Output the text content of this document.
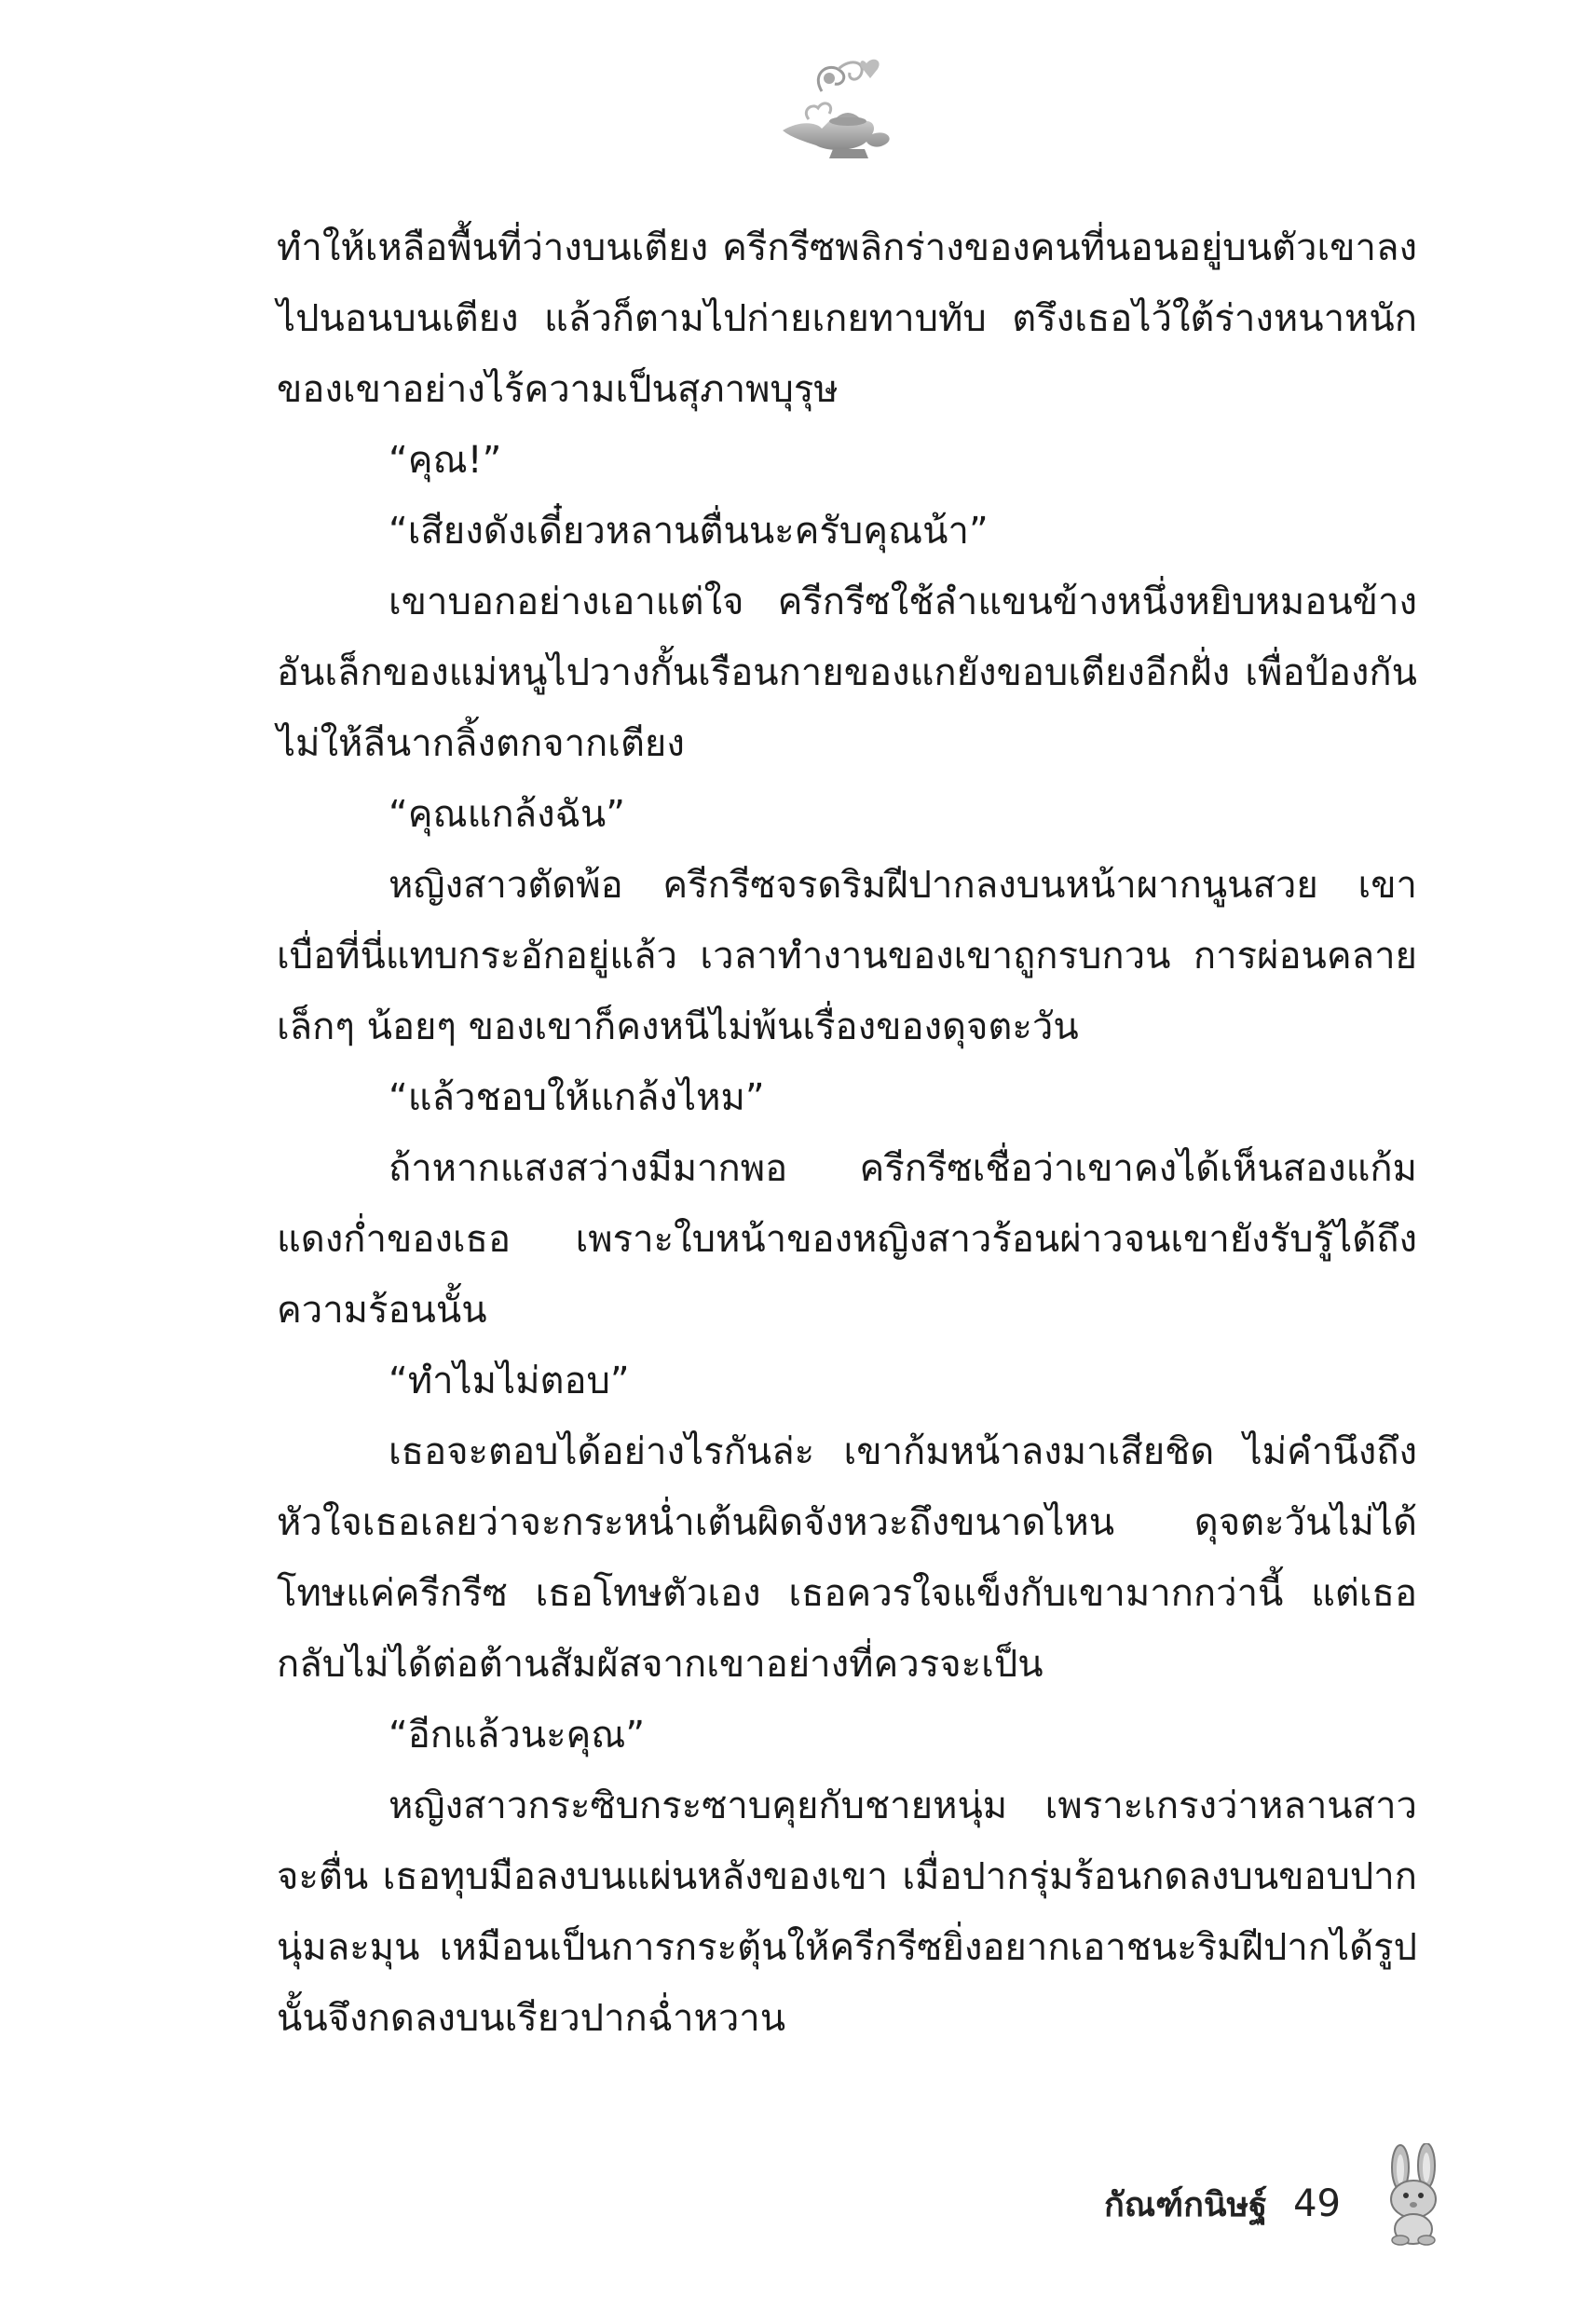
ทำให้เหลือพื้นที่ว่างบนเตียง ครีกรีซพลิกร่างของคนที่นอนอยู่บนตัวเขาลงไปนอนบนเตียง แล้วก็ตามไปก่ายเกยทาบทับ ตรึงเธอไว้ใต้ร่างหนาหนักของเขาอย่างไร้ความเป็นสุภาพบุรุษ

“คุณ!”

“เสียงดังเดี๋ยวหลานตื่นนะครับคุณน้า”

เขาบอกอย่างเอาแต่ใจ ครีกรีซใช้ลำแขนข้างหนึ่งหยิบหมอนข้างอันเล็กของแม่หนูไปวางกั้นเรือนกายของแกยังขอบเตียงอีกฝั่ง เพื่อป้องกันไม่ให้ลีนากลิ้งตกจากเตียง

“คุณแกล้งฉัน”

หญิงสาวตัดพ้อ ครีกรีซจรดริมฝีปากลงบนหน้าผากนูนสวย เขาเบื่อที่นี่แทบกระอักอยู่แล้ว เวลาทำงานของเขาถูกรบกวน การผ่อนคลายเล็กๆ น้อยๆ ของเขาก็คงหนีไม่พ้นเรื่องของดุจตะวัน

“แล้วชอบให้แกล้งไหม”

ถ้าหากแสงสว่างมีมากพอ ครีกรีซเชื่อว่าเขาคงได้เห็นสองแก้มแดงก่ำของเธอ เพราะใบหน้าของหญิงสาวร้อนผ่าวจนเขายังรับรู้ได้ถึงความร้อนนั้น

“ทำไมไม่ตอบ”

เธอจะตอบได้อย่างไรกันล่ะ เขาก้มหน้าลงมาเสียชิด ไม่คำนึงถึงหัวใจเธอเลยว่าจะกระหน่ำเต้นผิดจังหวะถึงขนาดไหน ดุจตะวันไม่ได้โทษแค่ครีกรีซ เธอโทษตัวเอง เธอควรใจแข็งกับเขามากกว่านี้ แต่เธอกลับไม่ได้ต่อต้านสัมผัสจากเขาอย่างที่ควรจะเป็น

“อีกแล้วนะคุณ”

หญิงสาวกระซิบกระซาบคุยกับชายหนุ่ม เพราะเกรงว่าหลานสาวจะตื่น เธอทุบมือลงบนแผ่นหลังของเขา เมื่อปากรุ่มร้อนกดลงบนขอบปากนุ่มละมุน เหมือนเป็นการกระตุ้นให้ครีกรีซยิ่งอยากเอาชนะริมฝีปากได้รูปนั้นจึงกดลงบนเรียวปากฉ่ำหวาน

กัณฑ์กนิษฐ์ 49
